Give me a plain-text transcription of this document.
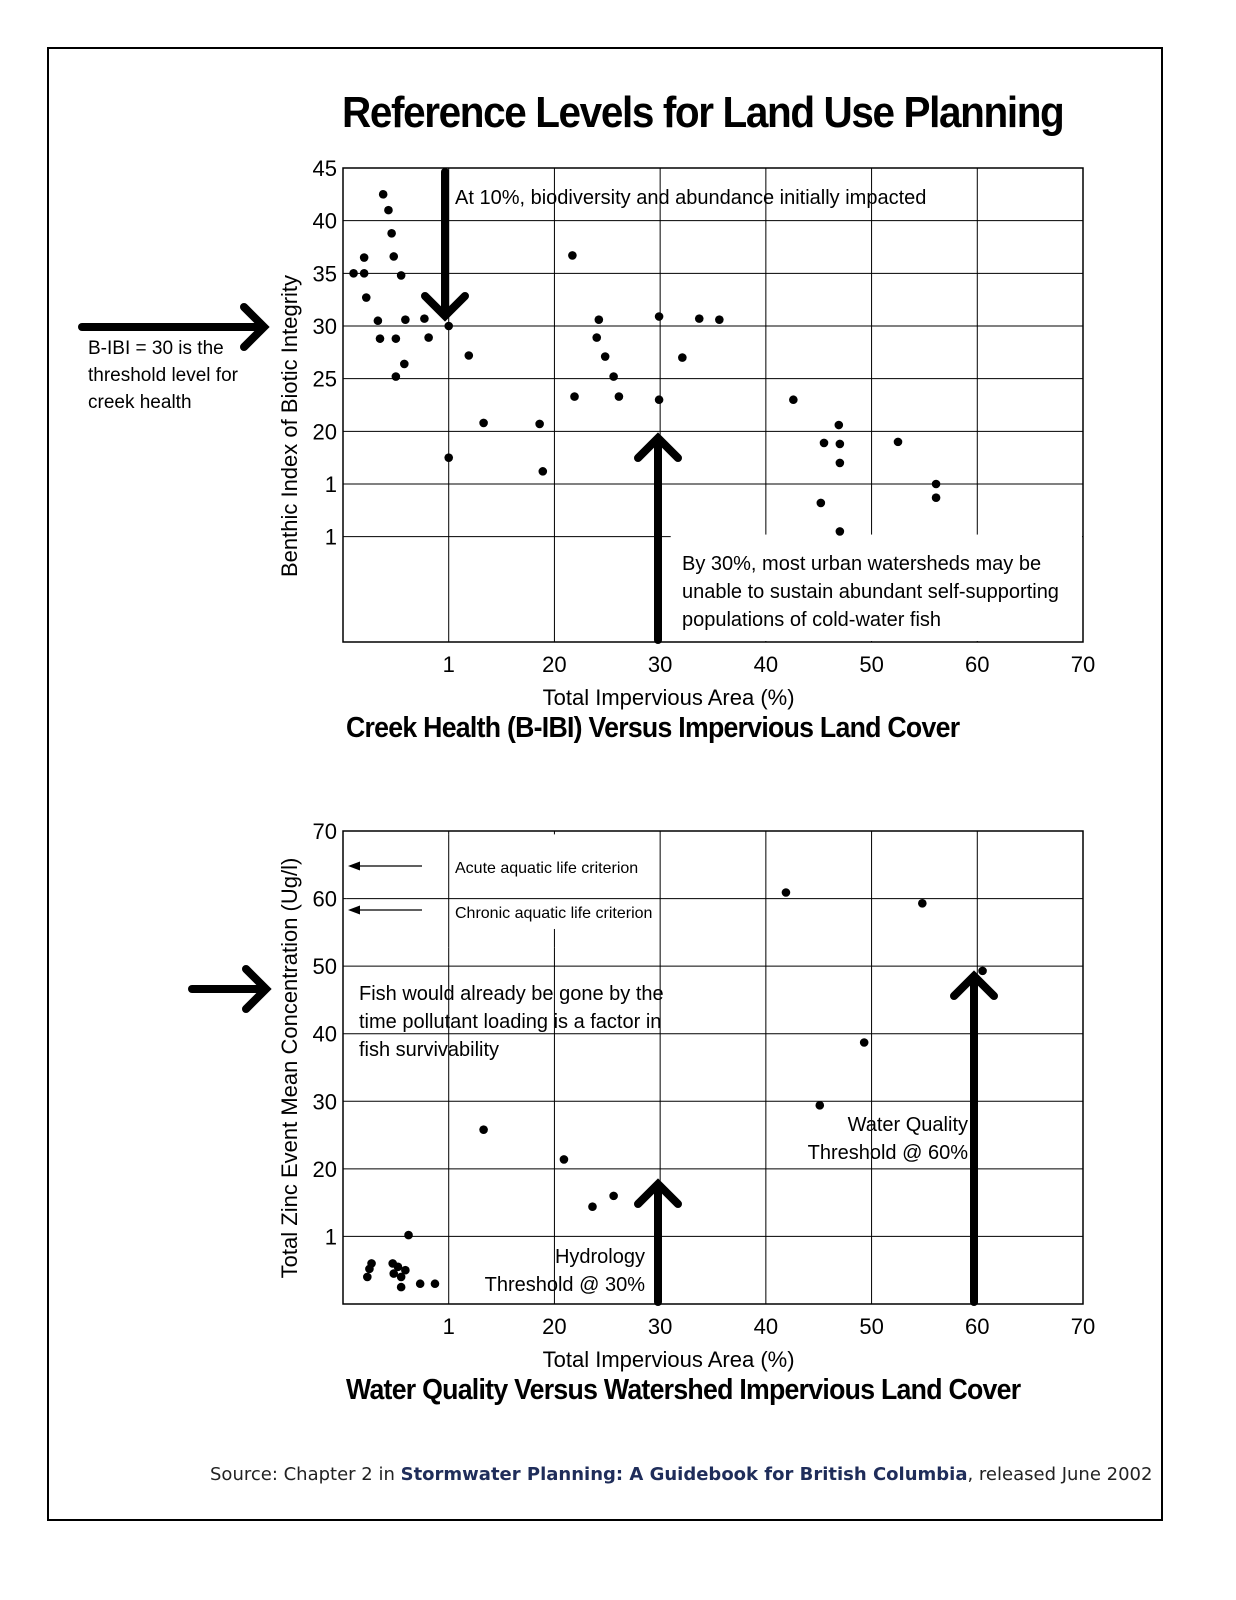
Reference Levels for Land Use Planning
Creek Health (B-IBI) Versus Impervious Land Cover
Water Quality Versus Watershed Impervious Land Cover
B-IBI = 30 is the
threshold level for
creek health
Source: Chapter 2 in Stormwater Planning: A Guidebook for British Columbia, released June 2002
1	20	30	40	50	60	70
1
1
20
25
30
35
40
45
Total Impervious Area (%)
Benthic Index of Biotic Integrity
At 10%, biodiversity and abundance initially impacted
By 30%, most urban watersheds may be
unable to sustain abundant self-supporting
populations of cold-water fish
1	20	30	40	50	60	70
1
20
30
40
50
60
70
Total Impervious Area (%)
Acute aquatic life criterion
Chronic aquatic life criterion
Total Zinc Event Mean Concentration (Ug/l)	Fish would already be gone by the
time pollutant loading is a factor in
fish survivability
Hydrology
Threshold @ 30%
Water Quality
Threshold @ 60%
